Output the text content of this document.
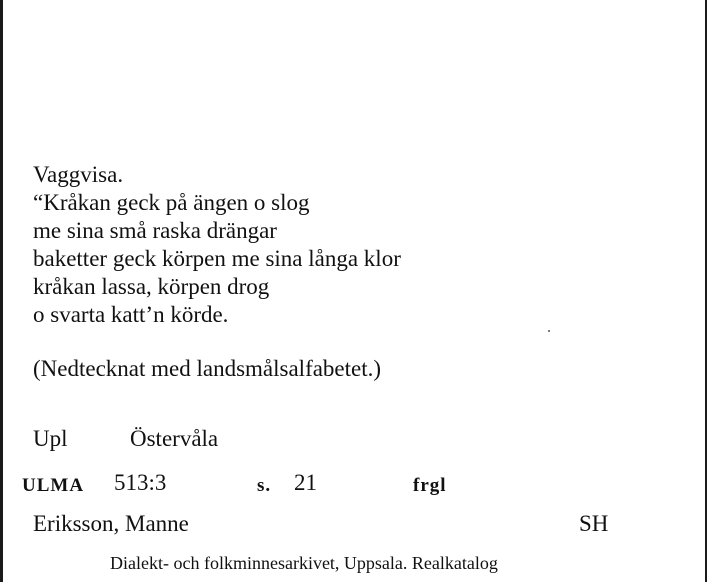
Vaggvisa.
“Kråkan geck på ängen o slog
me sina små raska drängar
baketter geck körpen me sina långa klor
kråkan lassa, körpen drog
o svarta katt’n körde.
(Nedtecknat med landsmålsalfabetet.)
Upl	Östervåla
ULMA 513:3	s. 21	frgl
Eriksson, Manne	SH
Dialekt- och folkminnesarkivet, Uppsala. Realkatalog
